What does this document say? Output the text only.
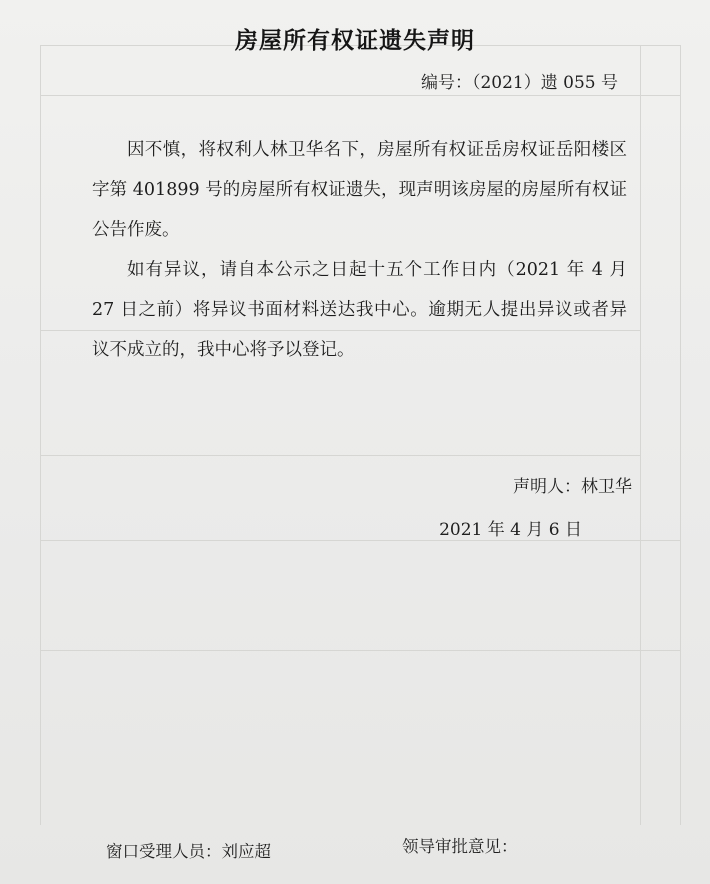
房屋所有权证遗失声明
编号：（2021）遗 055 号
因不慎，将权利人林卫华名下，房屋所有权证岳房权证岳阳楼区字第 401899 号的房屋所有权证遗失，现声明该房屋的房屋所有权证公告作废。
如有异议，请自本公示之日起十五个工作日内（2021 年 4 月 27 日之前）将异议书面材料送达我中心。逾期无人提出异议或者异议不成立的，我中心将予以登记。
声明人：林卫华
2021 年 4 月 6 日
窗口受理人员：刘应超	领导审批意见：
